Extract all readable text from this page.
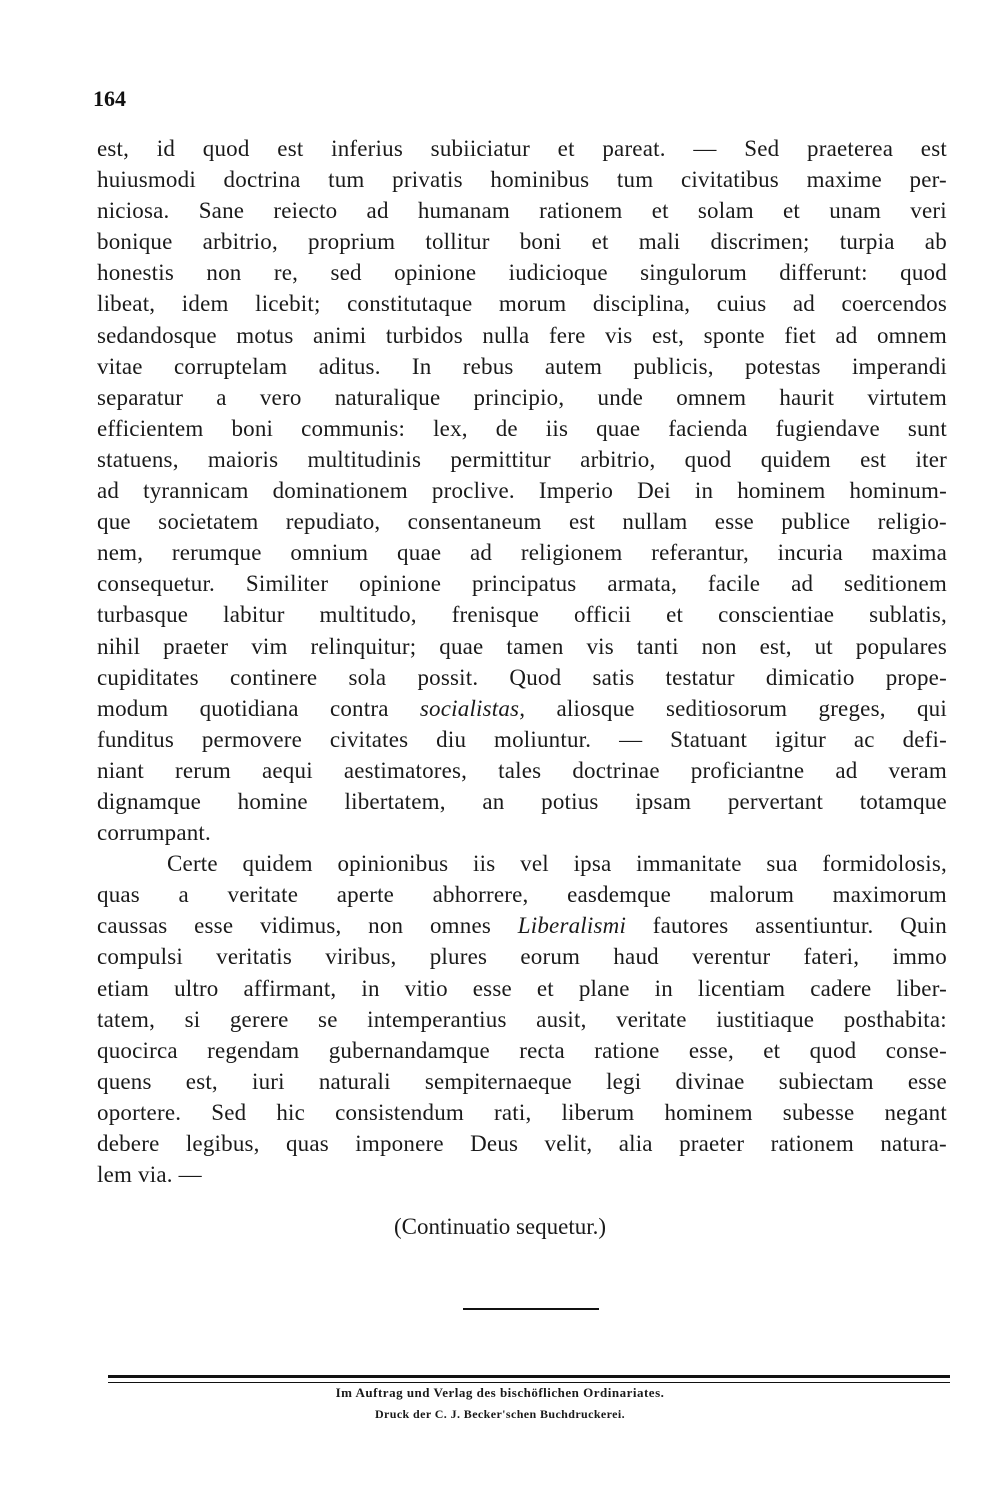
164
est, id quod est inferius subiiciatur et pareat. — Sed praeterea est
huiusmodi doctrina tum privatis hominibus tum civitatibus maxime per-
niciosa. Sane reiecto ad humanam rationem et solam et unam veri
bonique arbitrio, proprium tollitur boni et mali discrimen; turpia ab
honestis non re, sed opinione iudicioque singulorum differunt: quod
libeat, idem licebit; constitutaque morum disciplina, cuius ad coercendos
sedandosque motus animi turbidos nulla fere vis est, sponte fiet ad omnem
vitae corruptelam aditus. In rebus autem publicis, potestas imperandi
separatur a vero naturalique principio, unde omnem haurit virtutem
efficientem boni communis: lex, de iis quae facienda fugiendave sunt
statuens, maioris multitudinis permittitur arbitrio, quod quidem est iter
ad tyrannicam dominationem proclive. Imperio Dei in hominem hominum-
que societatem repudiato, consentaneum est nullam esse publice religio-
nem, rerumque omnium quae ad religionem referantur, incuria maxima
consequetur. Similiter opinione principatus armata, facile ad seditionem
turbasque labitur multitudo, frenisque officii et conscientiae sublatis,
nihil praeter vim relinquitur; quae tamen vis tanti non est, ut populares
cupiditates continere sola possit. Quod satis testatur dimicatio prope-
modum quotidiana contra socialistas, aliosque seditiosorum greges, qui
funditus permovere civitates diu moliuntur. — Statuant igitur ac defi-
niant rerum aequi aestimatores, tales doctrinae proficiantne ad veram
dignamque homine libertatem, an potius ipsam pervertant totamque
corrumpant.
Certe quidem opinionibus iis vel ipsa immanitate sua formidolosis,
quas a veritate aperte abhorrere, easdemque malorum maximorum
caussas esse vidimus, non omnes Liberalismi fautores assentiuntur. Quin
compulsi veritatis viribus, plures eorum haud verentur fateri, immo
etiam ultro affirmant, in vitio esse et plane in licentiam cadere liber-
tatem, si gerere se intemperantius ausit, veritate iustitiaque posthabita:
quocirca regendam gubernandamque recta ratione esse, et quod conse-
quens est, iuri naturali sempiternaeque legi divinae subiectam esse
oportere. Sed hic consistendum rati, liberum hominem subesse negant
debere legibus, quas imponere Deus velit, alia praeter rationem natura-
lem via. —
(Continuatio sequetur.)
Im Auftrag und Verlag des bischöflichen Ordinariates.
Druck der C. J. Becker'schen Buchdruckerei.
